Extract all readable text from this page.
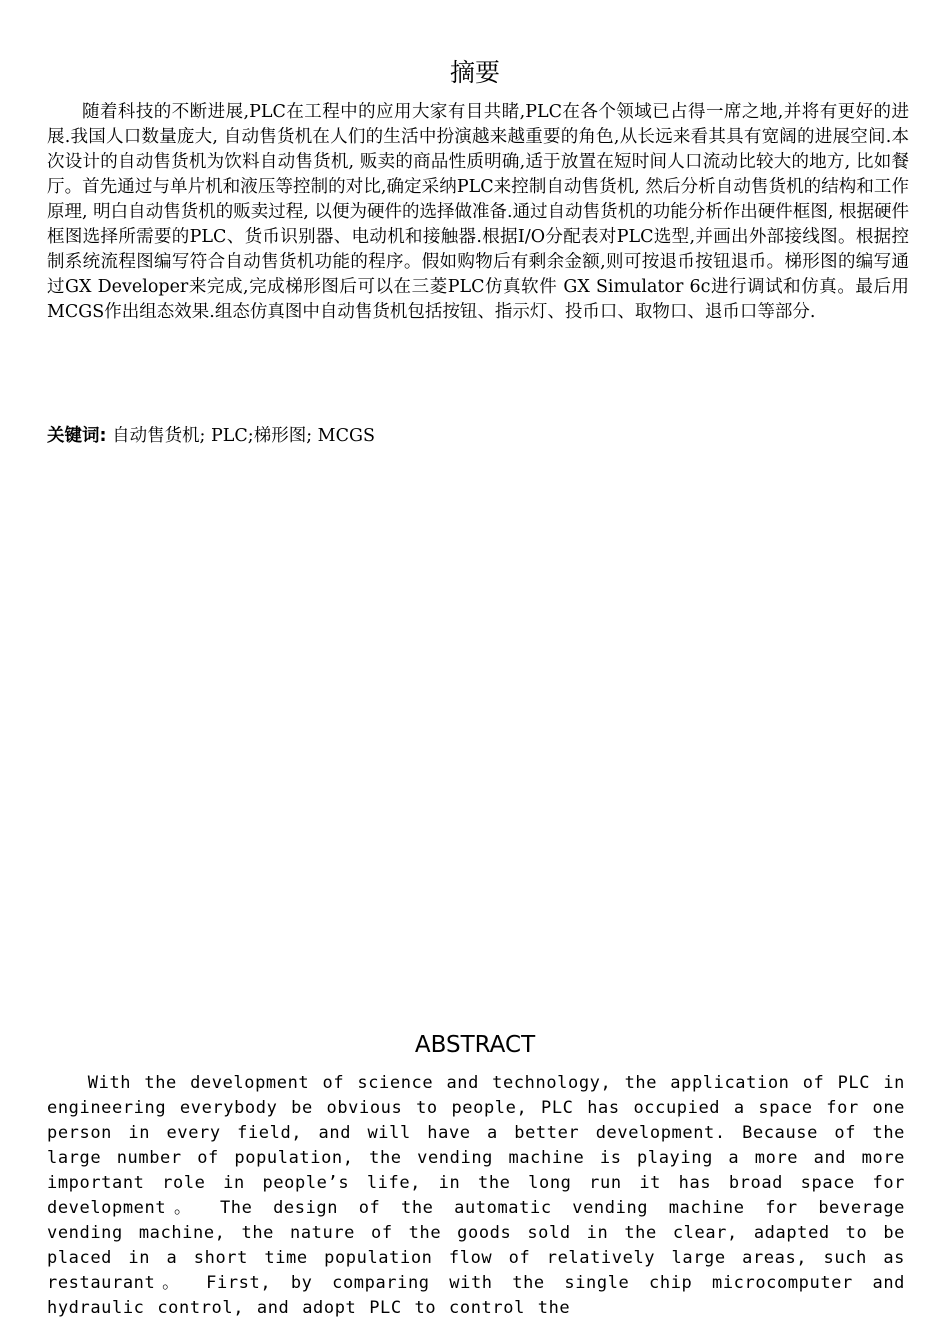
摘要

随着科技的不断进展,PLC在工程中的应用大家有目共睹,PLC在各个领域已占得一席之地,并将有更好的进展.我国人口数量庞大, 自动售货机在人们的生活中扮演越来越重要的角色,从长远来看其具有宽阔的进展空间.本次设计的自动售货机为饮料自动售货机, 贩卖的商品性质明确,适于放置在短时间人口流动比较大的地方, 比如餐厅。首先通过与单片机和液压等控制的对比,确定采纳PLC来控制自动售货机, 然后分析自动售货机的结构和工作原理, 明白自动售货机的贩卖过程, 以便为硬件的选择做准备.通过自动售货机的功能分析作出硬件框图, 根据硬件框图选择所需要的PLC、货币识别器、电动机和接触器.根据I/O分配表对PLC选型,并画出外部接线图。根据控制系统流程图编写符合自动售货机功能的程序。假如购物后有剩余金额,则可按退币按钮退币。梯形图的编写通过GX Developer来完成,完成梯形图后可以在三菱PLC仿真软件 GX Simulator 6c进行调试和仿真。最后用MCGS作出组态效果.组态仿真图中自动售货机包括按钮、指示灯、投币口、取物口、退币口等部分.

关键词: 自动售货机; PLC;梯形图; MCGS

ABSTRACT

With the development of science and technology, the application of PLC in engineering everybody be obvious to people, PLC has occupied a space for one person in every field, and will have a better development. Because of the large number of population, the vending machine is playing a more and more important role in people’s life, in the long run it has broad space for development。 The design of the automatic vending machine for beverage vending machine, the nature of the goods sold in the clear, adapted to be placed in a short time population flow of relatively large areas, such as restaurant。 First, by comparing with the single chip microcomputer and hydraulic control, and adopt PLC to control the
